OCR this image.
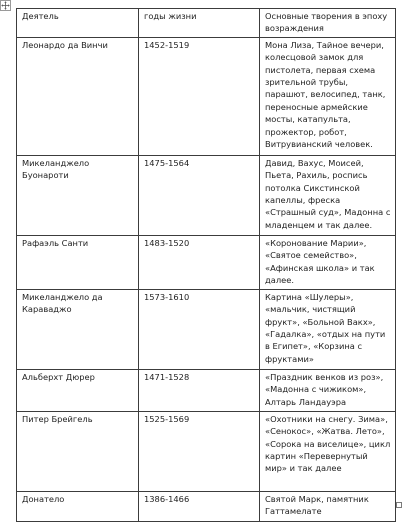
Деятель	годы жизни	Основные творения в эпоху возраждения
Леонардо да Винчи	1452-1519	Мона Лиза, Тайное вечери, колесцовой замок для пистолета, первая схема зрительной трубы, парашют, велосипед, танк, переносные армейские мосты, катапульта, прожектор, робот, Витрувианский человек.
Микеланджело Буонароти	1475-1564	Давид, Вахус, Моисей, Пьета, Рахиль, роспись потолка Сикстинской капеллы, фреска «Страшный суд», Мадонна с младенцем и так далее.
Рафаэль Санти	1483-1520	«Коронование Марии», «Святое семейство», «Афинская школа» и так далее.
Микеланджело да Караваджо	1573-1610	Картина «Шулеры», «мальчик, чистящий фрукт», «Больной Вакх», «Гадалка», «отдых на пути в Египет», «Корзина с фруктами»
Альберхт Дюрер	1471-1528	«Праздник венков из роз», «Мадонна с чижиком», Алтарь Ландауэра
Питер Брейгель	1525-1569	«Охотники на снегу. Зима», «Сенокос», «Жатва. Лето», «Сорока на виселице», цикл картин «Перевернутый мир» и так далее
Донатело	1386-1466	Святой Марк, памятник Гаттамелате
